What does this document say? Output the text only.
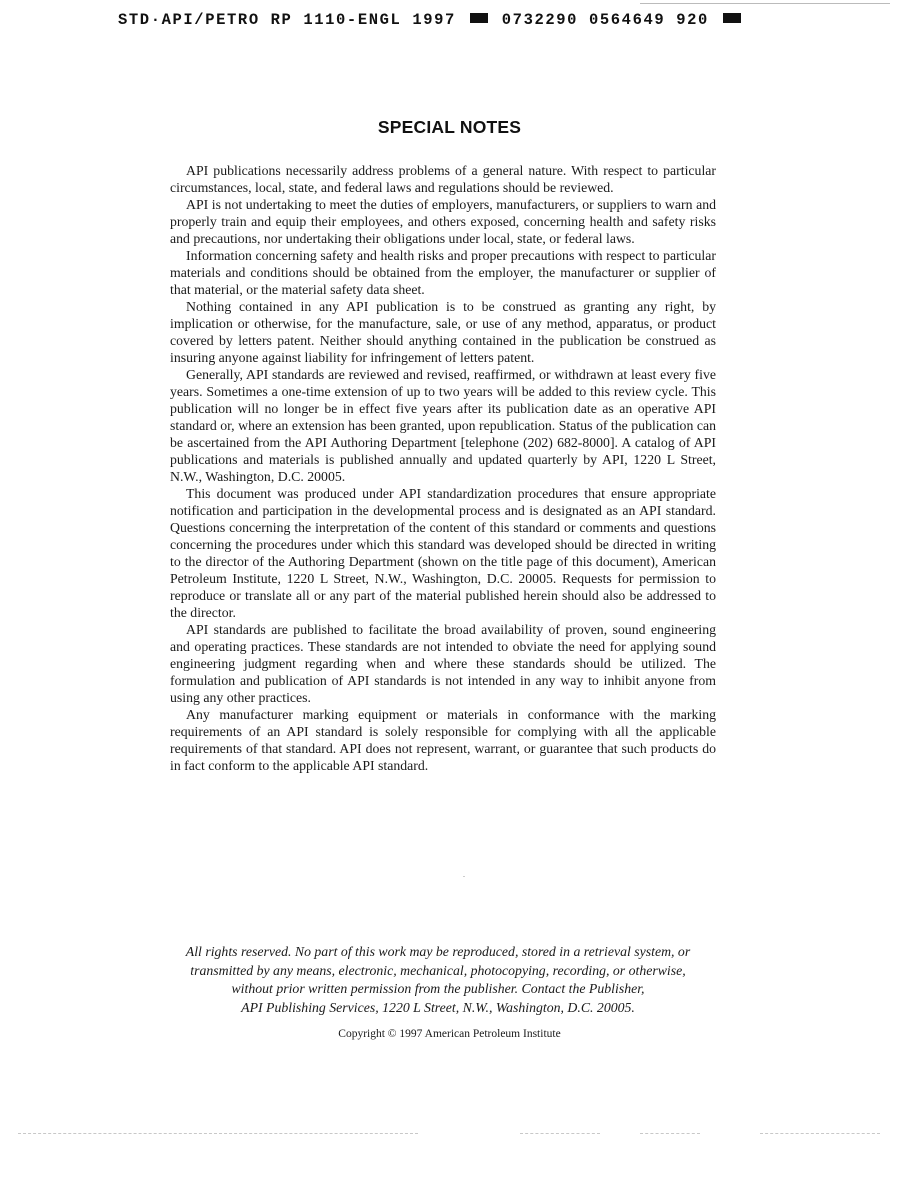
STD·API/PETRO RP 1110-ENGL 1997	0732290 0564649 920
SPECIAL NOTES

API publications necessarily address problems of a general nature. With respect to particular circumstances, local, state, and federal laws and regulations should be reviewed.

API is not undertaking to meet the duties of employers, manufacturers, or suppliers to warn and properly train and equip their employees, and others exposed, concerning health and safety risks and precautions, nor undertaking their obligations under local, state, or federal laws.

Information concerning safety and health risks and proper precautions with respect to particular materials and conditions should be obtained from the employer, the manufacturer or supplier of that material, or the material safety data sheet.

Nothing contained in any API publication is to be construed as granting any right, by implication or otherwise, for the manufacture, sale, or use of any method, apparatus, or product covered by letters patent. Neither should anything contained in the publication be construed as insuring anyone against liability for infringement of letters patent.

Generally, API standards are reviewed and revised, reaffirmed, or withdrawn at least every five years. Sometimes a one-time extension of up to two years will be added to this review cycle. This publication will no longer be in effect five years after its publication date as an operative API standard or, where an extension has been granted, upon republication. Status of the publication can be ascertained from the API Authoring Department [telephone (202) 682-8000]. A catalog of API publications and materials is published annually and updated quarterly by API, 1220 L Street, N.W., Washington, D.C. 20005.

This document was produced under API standardization procedures that ensure appropriate notification and participation in the developmental process and is designated as an API standard. Questions concerning the interpretation of the content of this standard or comments and questions concerning the procedures under which this standard was developed should be directed in writing to the director of the Authoring Department (shown on the title page of this document), American Petroleum Institute, 1220 L Street, N.W., Washington, D.C. 20005. Requests for permission to reproduce or translate all or any part of the material published herein should also be addressed to the director.

API standards are published to facilitate the broad availability of proven, sound engineering and operating practices. These standards are not intended to obviate the need for applying sound engineering judgment regarding when and where these standards should be utilized. The formulation and publication of API standards is not intended in any way to inhibit anyone from using any other practices.

Any manufacturer marking equipment or materials in conformance with the marking requirements of an API standard is solely responsible for complying with all the applicable requirements of that standard. API does not represent, warrant, or guarantee that such products do in fact conform to the applicable API standard.

All rights reserved. No part of this work may be reproduced, stored in a retrieval system, or
transmitted by any means, electronic, mechanical, photocopying, recording, or otherwise,
without prior written permission from the publisher. Contact the Publisher,
API Publishing Services, 1220 L Street, N.W., Washington, D.C. 20005.
Copyright © 1997 American Petroleum Institute
